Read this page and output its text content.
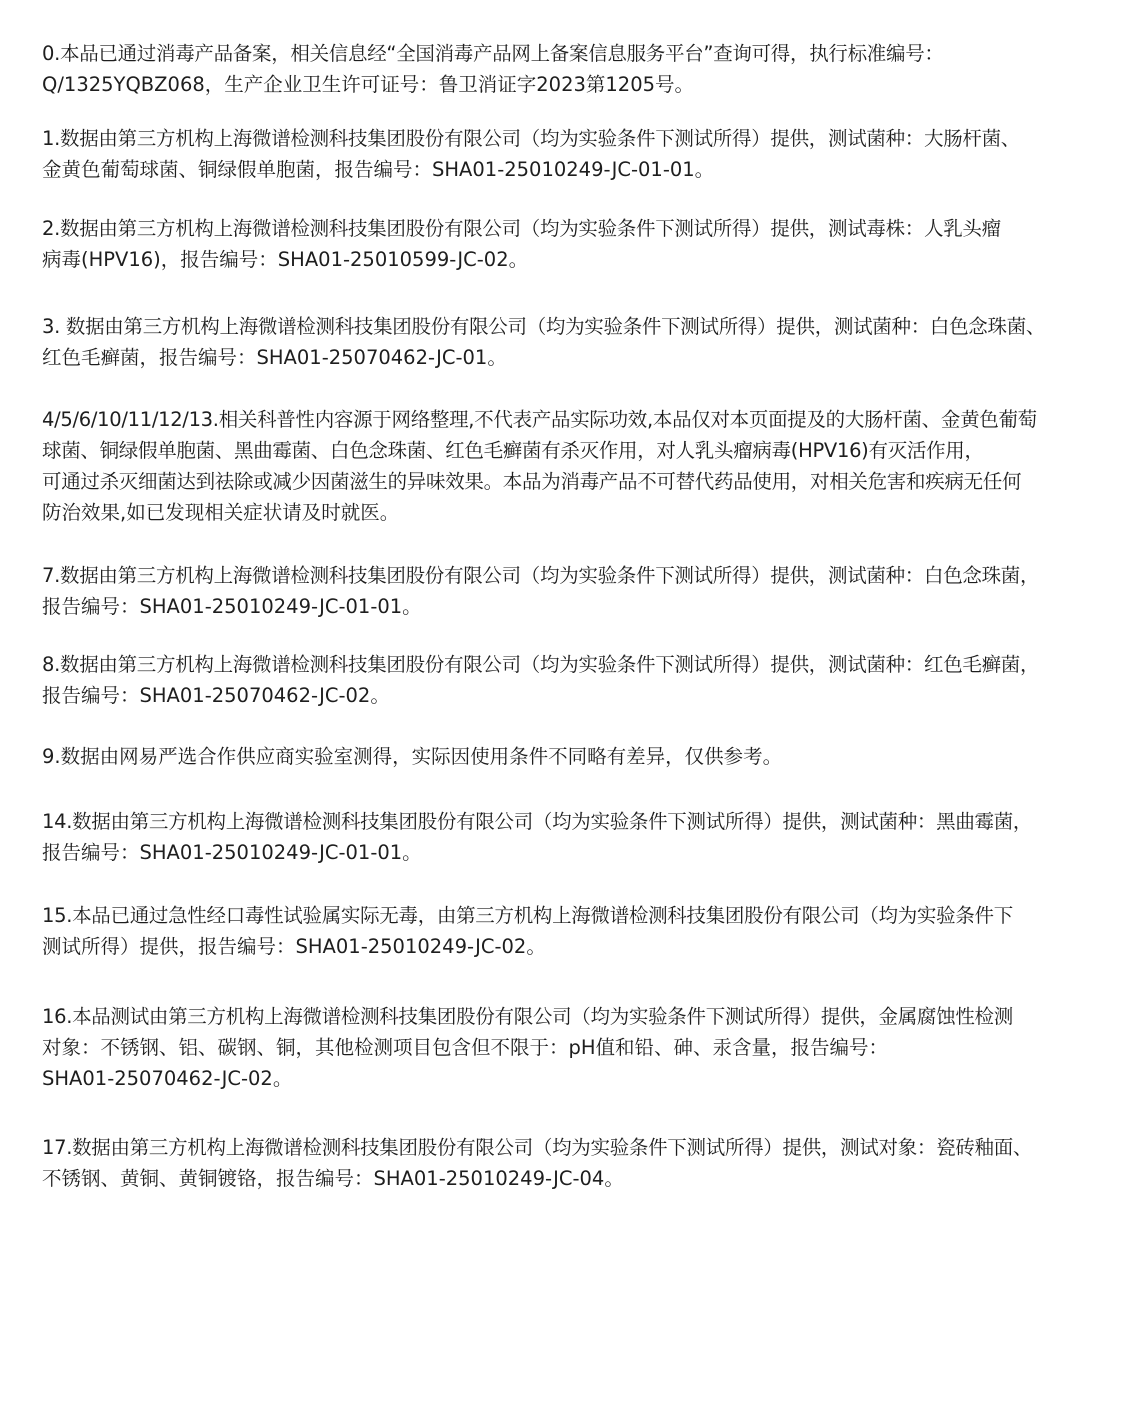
0.本品已通过消毒产品备案，相关信息经“全国消毒产品网上备案信息服务平台”查询可得，执行标准编号：
Q/1325YQBZ068，生产企业卫生许可证号：鲁卫消证字2023第1205号。
1.数据由第三方机构上海微谱检测科技集团股份有限公司（均为实验条件下测试所得）提供，测试菌种：大肠杆菌、
金黄色葡萄球菌、铜绿假单胞菌，报告编号：SHA01-25010249-JC-01-01。
2.数据由第三方机构上海微谱检测科技集团股份有限公司（均为实验条件下测试所得）提供，测试毒株：人乳头瘤
病毒(HPV16)，报告编号：SHA01-25010599-JC-02。
3. 数据由第三方机构上海微谱检测科技集团股份有限公司（均为实验条件下测试所得）提供，测试菌种：白色念珠菌、
红色毛癣菌，报告编号：SHA01-25070462-JC-01。
4/5/6/10/11/12/13.相关科普性内容源于网络整理,不代表产品实际功效,本品仅对本页面提及的大肠杆菌、金黄色葡萄
球菌、铜绿假单胞菌、黑曲霉菌、白色念珠菌、红色毛癣菌有杀灭作用，对人乳头瘤病毒(HPV16)有灭活作用，
可通过杀灭细菌达到祛除或减少因菌滋生的异味效果。本品为消毒产品不可替代药品使用，对相关危害和疾病无任何
防治效果,如已发现相关症状请及时就医。
7.数据由第三方机构上海微谱检测科技集团股份有限公司（均为实验条件下测试所得）提供，测试菌种：白色念珠菌，
报告编号：SHA01-25010249-JC-01-01。
8.数据由第三方机构上海微谱检测科技集团股份有限公司（均为实验条件下测试所得）提供，测试菌种：红色毛癣菌，
报告编号：SHA01-25070462-JC-02。
9.数据由网易严选合作供应商实验室测得，实际因使用条件不同略有差异，仅供参考。
14.数据由第三方机构上海微谱检测科技集团股份有限公司（均为实验条件下测试所得）提供，测试菌种：黑曲霉菌，
报告编号：SHA01-25010249-JC-01-01。
15.本品已通过急性经口毒性试验属实际无毒，由第三方机构上海微谱检测科技集团股份有限公司（均为实验条件下
测试所得）提供，报告编号：SHA01-25010249-JC-02。
16.本品测试由第三方机构上海微谱检测科技集团股份有限公司（均为实验条件下测试所得）提供，金属腐蚀性检测
对象：不锈钢、铝、碳钢、铜，其他检测项目包含但不限于：pH值和铅、砷、汞含量，报告编号：
SHA01-25070462-JC-02。
17.数据由第三方机构上海微谱检测科技集团股份有限公司（均为实验条件下测试所得）提供，测试对象：瓷砖釉面、
不锈钢、黄铜、黄铜镀铬，报告编号：SHA01-25010249-JC-04。
